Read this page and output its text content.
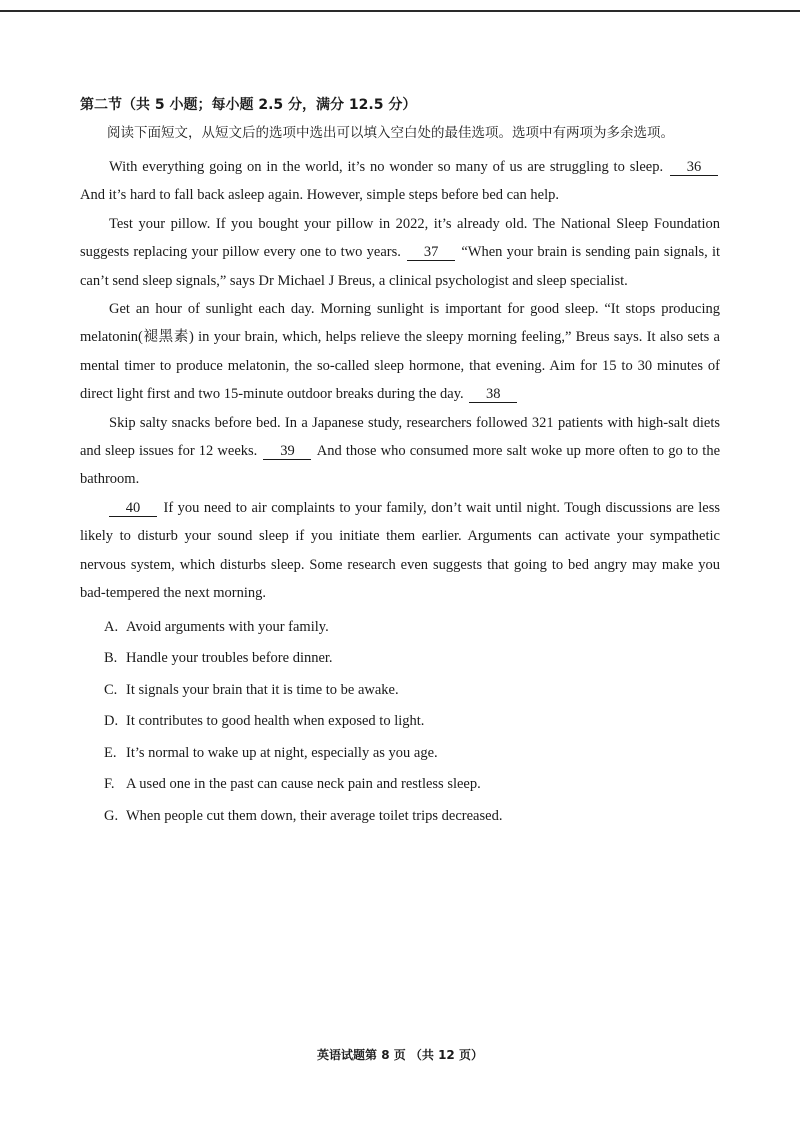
第二节（共 5 小题；每小题 2.5 分，满分 12.5 分）

阅读下面短文，从短文后的选项中选出可以填入空白处的最佳选项。选项中有两项为多余选项。

With everything going on in the world, it’s no wonder so many of us are struggling to sleep. 36 And it’s hard to fall back asleep again. However, simple steps before bed can help.

Test your pillow. If you bought your pillow in 2022, it’s already old. The National Sleep Foundation suggests replacing your pillow every one to two years. 37 “When your brain is sending pain signals, it can’t send sleep signals,” says Dr Michael J Breus, a clinical psychologist and sleep specialist.

Get an hour of sunlight each day. Morning sunlight is important for good sleep. “It stops producing melatonin(褪黑素) in your brain, which, helps relieve the sleepy morning feeling,” Breus says. It also sets a mental timer to produce melatonin, the so-called sleep hormone, that evening. Aim for 15 to 30 minutes of direct light first and two 15-minute outdoor breaks during the day. 38

Skip salty snacks before bed. In a Japanese study, researchers followed 321 patients with high-salt diets and sleep issues for 12 weeks. 39 And those who consumed more salt woke up more often to go to the bathroom.

40 If you need to air complaints to your family, don’t wait until night. Tough discussions are less likely to disturb your sound sleep if you initiate them earlier. Arguments can activate your sympathetic nervous system, which disturbs sleep. Some research even suggests that going to bed angry may make you bad-tempered the next morning.

A. Avoid arguments with your family.
B. Handle your troubles before dinner.
C. It signals your brain that it is time to be awake.
D. It contributes to good health when exposed to light.
E. It’s normal to wake up at night, especially as you age.
F. A used one in the past can cause neck pain and restless sleep.
G. When people cut them down, their average toilet trips decreased.
英语试题第 8 页 （共 12 页）
